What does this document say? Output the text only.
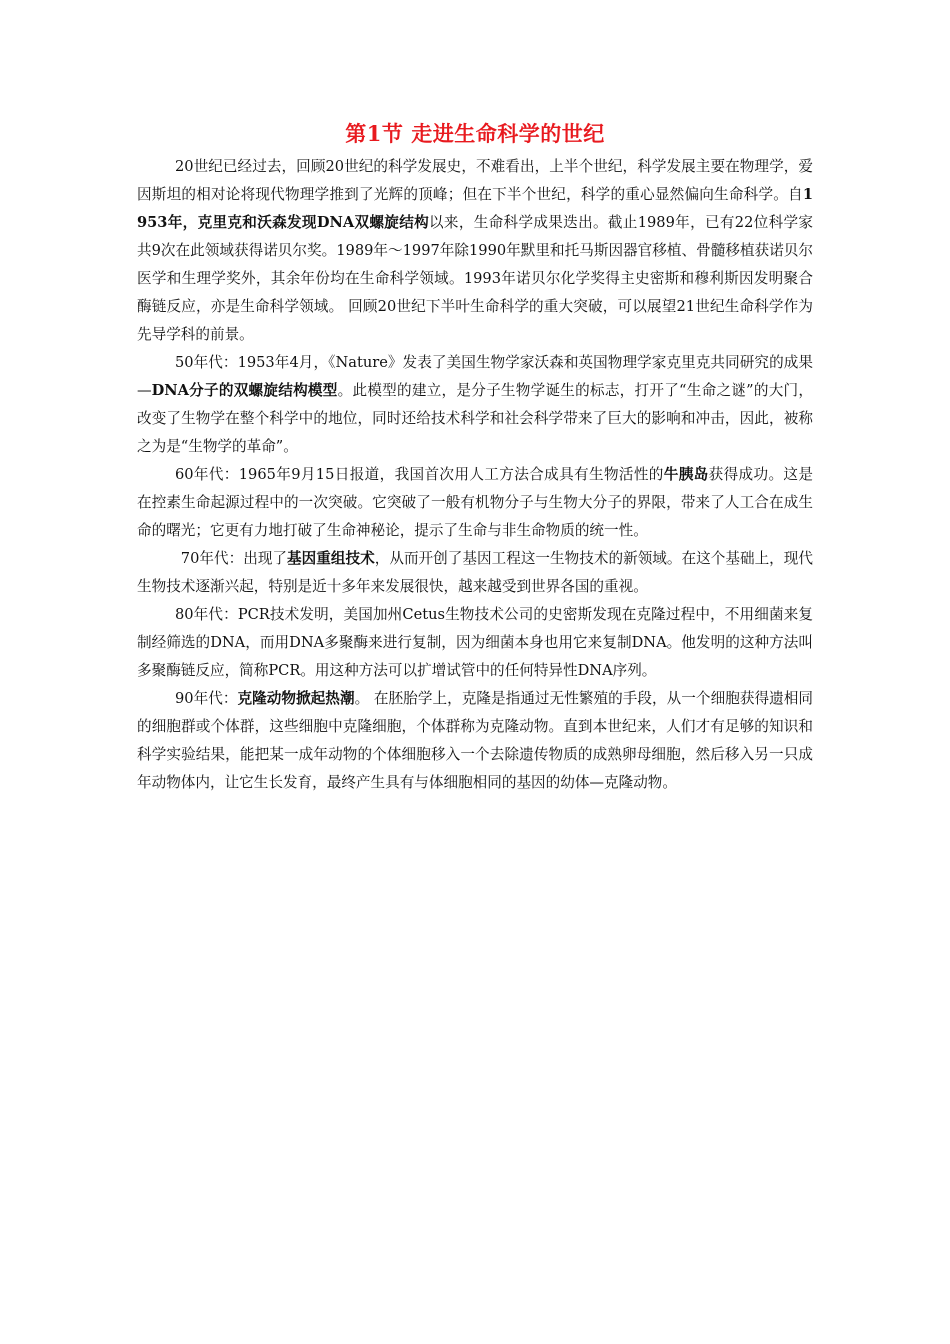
第1节 走进生命科学的世纪

20世纪已经过去，回顾20世纪的科学发展史，不难看出，上半个世纪，科学发展主要在物理学，爱因斯坦的相对论将现代物理学推到了光辉的顶峰；但在下半个世纪，科学的重心显然偏向生命科学。自1953年，克里克和沃森发现DNA双螺旋结构以来，生命科学成果迭出。截止1989年，已有22位科学家共9次在此领域获得诺贝尔奖。1989年～1997年除1990年默里和托马斯因器官移植、骨髓移植获诺贝尔医学和生理学奖外，其余年份均在生命科学领域。1993年诺贝尔化学奖得主史密斯和穆利斯因发明聚合酶链反应，亦是生命科学领域。 回顾20世纪下半叶生命科学的重大突破，可以展望21世纪生命科学作为先导学科的前景。

50年代：1953年4月，《Nature》发表了美国生物学家沃森和英国物理学家克里克共同研究的成果—DNA分子的双螺旋结构模型。此模型的建立，是分子生物学诞生的标志，打开了“生命之谜”的大门，改变了生物学在整个科学中的地位，同时还给技术科学和社会科学带来了巨大的影响和冲击，因此，被称之为是“生物学的革命”。

60年代：1965年9月15日报道，我国首次用人工方法合成具有生物活性的牛胰岛获得成功。这是在控素生命起源过程中的一次突破。它突破了一般有机物分子与生物大分子的界限，带来了人工合在成生命的曙光；它更有力地打破了生命神秘论，提示了生命与非生命物质的统一性。

70年代：出现了基因重组技术，从而开创了基因工程这一生物技术的新领域。在这个基础上，现代生物技术逐渐兴起，特别是近十多年来发展很快，越来越受到世界各国的重视。

80年代：PCR技术发明，美国加州Cetus生物技术公司的史密斯发现在克隆过程中，不用细菌来复制经筛选的DNA，而用DNA多聚酶来进行复制，因为细菌本身也用它来复制DNA。他发明的这种方法叫多聚酶链反应，简称PCR。用这种方法可以扩增试管中的任何特异性DNA序列。

90年代：克隆动物掀起热潮。 在胚胎学上，克隆是指通过无性繁殖的手段，从一个细胞获得遗相同的细胞群或个体群，这些细胞中克隆细胞，个体群称为克隆动物。直到本世纪来，人们才有足够的知识和科学实验结果，能把某一成年动物的个体细胞移入一个去除遗传物质的成熟卵母细胞，然后移入另一只成年动物体内，让它生长发育，最终产生具有与体细胞相同的基因的幼体—克隆动物。
